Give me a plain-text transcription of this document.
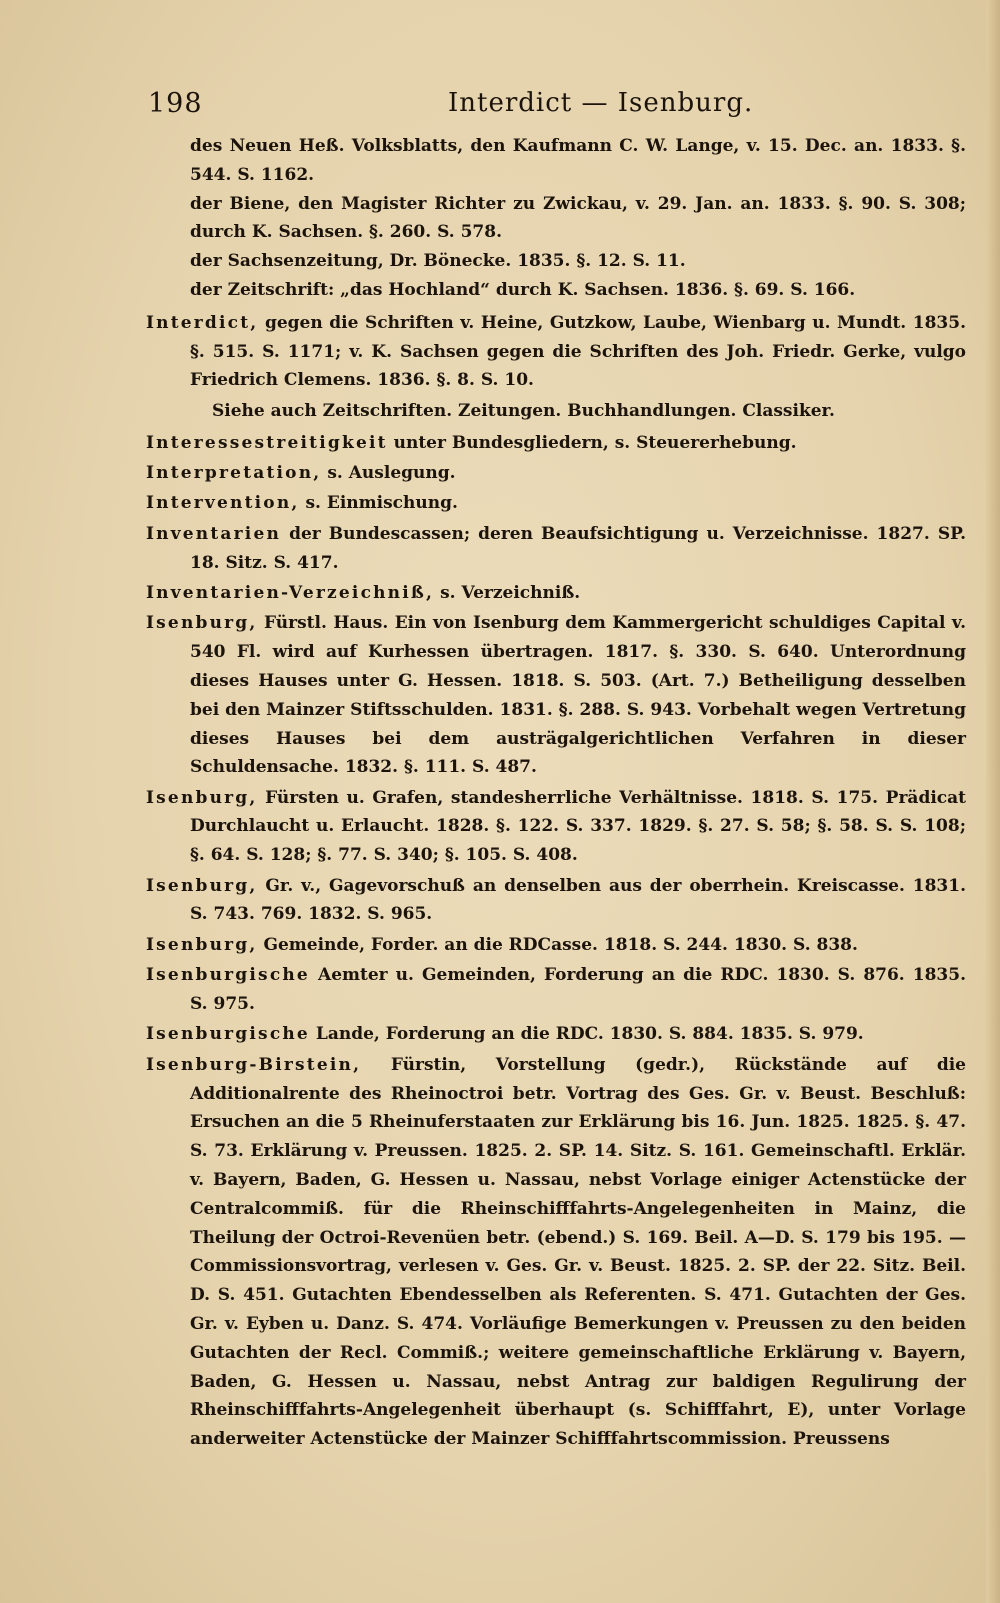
198	Interdict — Isenburg.

des Neuen Heß. Volksblatts, den Kaufmann C. W. Lange, v. 15. Dec. an. 1833. §. 544. S. 1162.

der Biene, den Magister Richter zu Zwickau, v. 29. Jan. an. 1833. §. 90. S. 308; durch K. Sachsen. §. 260. S. 578.

der Sachsenzeitung, Dr. Bönecke. 1835. §. 12. S. 11.

der Zeitschrift: „das Hochland“ durch K. Sachsen. 1836. §. 69. S. 166.

Interdict, gegen die Schriften v. Heine, Gutzkow, Laube, Wienbarg u. Mundt. 1835. §. 515. S. 1171; v. K. Sachsen gegen die Schriften des Joh. Friedr. Gerke, vulgo Friedrich Clemens. 1836. §. 8. S. 10.

Siehe auch Zeitschriften. Zeitungen. Buchhandlungen. Classiker.

Interessestreitigkeit unter Bundesgliedern, s. Steuererhebung.

Interpretation, s. Auslegung.

Intervention, s. Einmischung.

Inventarien der Bundescassen; deren Beaufsichtigung u. Verzeichnisse. 1827. SP. 18. Sitz. S. 417.

Inventarien-Verzeichniß, s. Verzeichniß.

Isenburg, Fürstl. Haus. Ein von Isenburg dem Kammergericht schuldiges Capital v. 540 Fl. wird auf Kurhessen übertragen. 1817. §. 330. S. 640. Unterordnung dieses Hauses unter G. Hessen. 1818. S. 503. (Art. 7.) Betheiligung desselben bei den Mainzer Stiftsschulden. 1831. §. 288. S. 943. Vorbehalt wegen Vertretung dieses Hauses bei dem austrägalgerichtlichen Verfahren in dieser Schuldensache. 1832. §. 111. S. 487.

Isenburg, Fürsten u. Grafen, standesherrliche Verhältnisse. 1818. S. 175. Prädicat Durchlaucht u. Erlaucht. 1828. §. 122. S. 337. 1829. §. 27. S. 58; §. 58. S. S. 108; §. 64. S. 128; §. 77. S. 340; §. 105. S. 408.

Isenburg, Gr. v., Gagevorschuß an denselben aus der oberrhein. Kreiscasse. 1831. S. 743. 769. 1832. S. 965.

Isenburg, Gemeinde, Forder. an die RDCasse. 1818. S. 244. 1830. S. 838.

Isenburgische Aemter u. Gemeinden, Forderung an die RDC. 1830. S. 876. 1835. S. 975.

Isenburgische Lande, Forderung an die RDC. 1830. S. 884. 1835. S. 979.

Isenburg-Birstein, Fürstin, Vorstellung (gedr.), Rückstände auf die Additionalrente des Rheinoctroi betr. Vortrag des Ges. Gr. v. Beust. Beschluß: Ersuchen an die 5 Rheinuferstaaten zur Erklärung bis 16. Jun. 1825. 1825. §. 47. S. 73. Erklärung v. Preussen. 1825. 2. SP. 14. Sitz. S. 161. Gemeinschaftl. Erklär. v. Bayern, Baden, G. Hessen u. Nassau, nebst Vorlage einiger Actenstücke der Centralcommiß. für die Rheinschifffahrts-Angelegenheiten in Mainz, die Theilung der Octroi-Revenüen betr. (ebend.) S. 169. Beil. A—D. S. 179 bis 195. — Commissionsvortrag, verlesen v. Ges. Gr. v. Beust. 1825. 2. SP. der 22. Sitz. Beil. D. S. 451. Gutachten Ebendesselben als Referenten. S. 471. Gutachten der Ges. Gr. v. Eyben u. Danz. S. 474. Vorläufige Bemerkungen v. Preussen zu den beiden Gutachten der Recl. Commiß.; weitere gemeinschaftliche Erklärung v. Bayern, Baden, G. Hessen u. Nassau, nebst Antrag zur baldigen Regulirung der Rheinschifffahrts-Angelegenheit überhaupt (s. Schifffahrt, E), unter Vorlage anderweiter Actenstücke der Mainzer Schifffahrtscommission. Preussens
